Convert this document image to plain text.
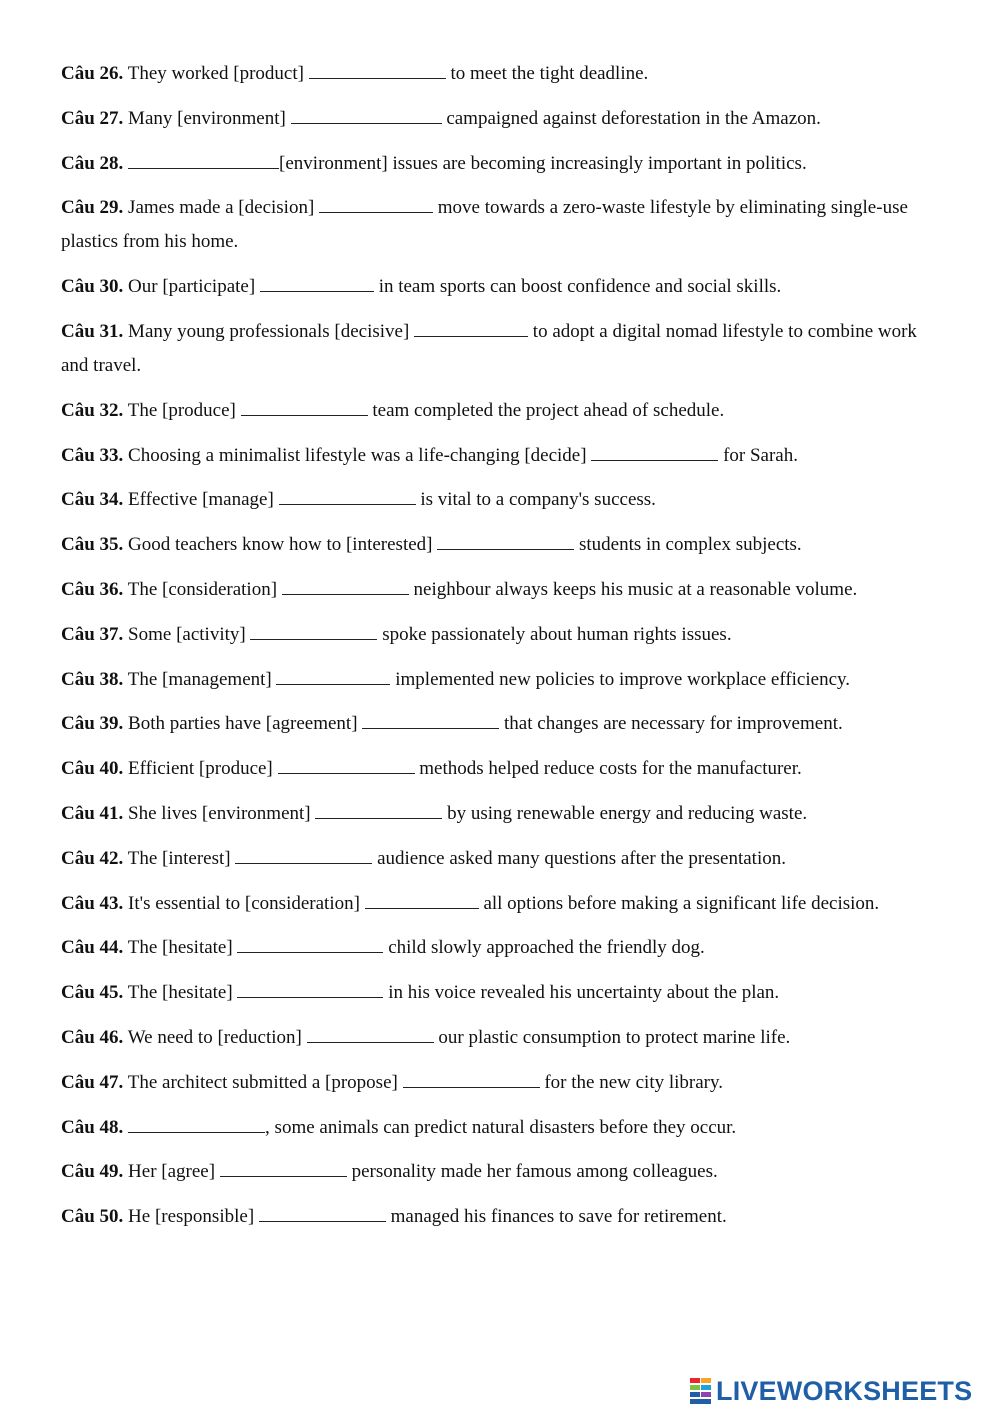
Câu 26. They worked [product]	to meet the tight deadline.

Câu 27. Many [environment]	campaigned against deforestation in the Amazon.

Câu 28.	[environment] issues are becoming increasingly important in politics.

Câu 29. James made a [decision]	move towards a zero-waste lifestyle by eliminating single-use plastics from his home.

Câu 30. Our [participate]	in team sports can boost confidence and social skills.

Câu 31. Many young professionals [decisive]	to adopt a digital nomad lifestyle to combine work and travel.

Câu 32. The [produce]	team completed the project ahead of schedule.

Câu 33. Choosing a minimalist lifestyle was a life-changing [decide]	for Sarah.

Câu 34. Effective [manage]	is vital to a company's success.

Câu 35. Good teachers know how to [interested]	students in complex subjects.

Câu 36. The [consideration]	neighbour always keeps his music at a reasonable volume.

Câu 37. Some [activity]	spoke passionately about human rights issues.

Câu 38. The [management]	implemented new policies to improve workplace efficiency.

Câu 39. Both parties have [agreement]	that changes are necessary for improvement.

Câu 40. Efficient [produce]	methods helped reduce costs for the manufacturer.

Câu 41. She lives [environment]	by using renewable energy and reducing waste.

Câu 42. The [interest]	audience asked many questions after the presentation.

Câu 43. It's essential to [consideration]	all options before making a significant life decision.

Câu 44. The [hesitate]	child slowly approached the friendly dog.

Câu 45. The [hesitate]	in his voice revealed his uncertainty about the plan.

Câu 46. We need to [reduction]	our plastic consumption to protect marine life.

Câu 47. The architect submitted a [propose]	for the new city library.

Câu 48.	, some animals can predict natural disasters before they occur.

Câu 49. Her [agree]	personality made her famous among colleagues.

Câu 50. He [responsible]	managed his finances to save for retirement.

LIVEWORKSHEETS
